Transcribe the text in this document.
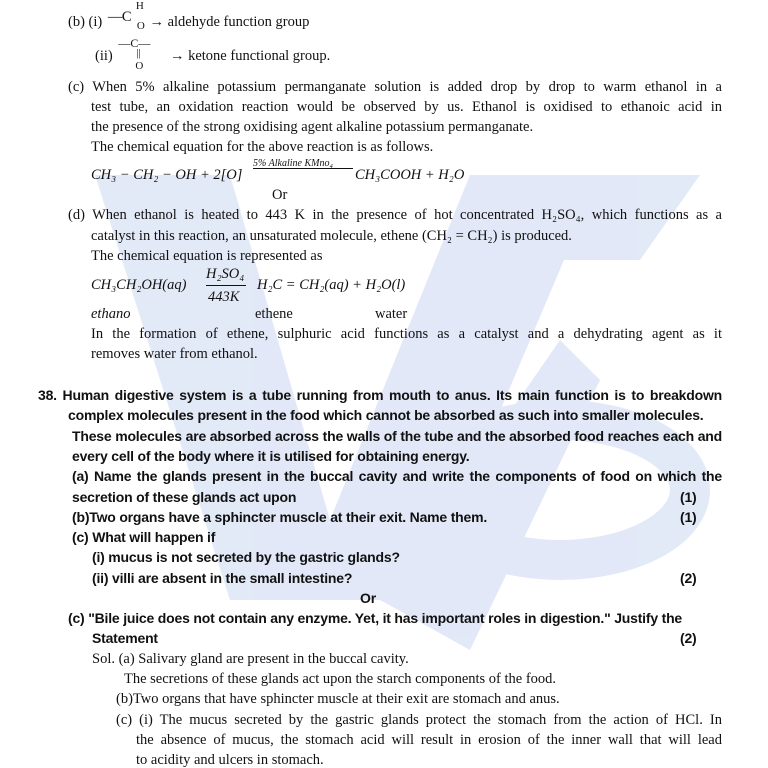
(b) (i) — C
H
O → aldehyde function group
(ii)
—C—
||
O
→ ketone functional group.
(c) When 5% alkaline potassium permanganate solution is added drop by drop to warm ethanol in a
test tube, an oxidation reaction would be observed by us. Ethanol is oxidised to ethanoic acid in
the presence of the strong oxidising agent alkaline potassium permanganate.
The chemical equation for the above reaction is as follows.
CH₃ − CH₂ − OH + 2[O]
5% Alkaline KMno₄
CH₃COOH + H₂O
Or
(d) When ethanol is heated to 443 K in the presence of hot concentrated H₂SO₄, which functions as a
catalyst in this reaction, an unsaturated molecule, ethene (CH₂ = CH₂) is produced.
The chemical equation is represented as
CH₃CH₂OH(aq)
H₂SO₄
443K
H₂C = CH₂(aq) + H₂O(l)
ethano	ethene	water
In the formation of ethene, sulphuric acid functions as a catalyst and a dehydrating agent as it
removes water from ethanol.
38. Human digestive system is a tube running from mouth to anus. Its main function is to breakdown
complex molecules present in the food which cannot be absorbed as such into smaller molecules.
These molecules are absorbed across the walls of the tube and the absorbed food reaches each and
every cell of the body where it is utilised for obtaining energy.
(a) Name the glands present in the buccal cavity and write the components of food on which the
secretion of these glands act upon	(1)
(b)Two organs have a sphincter muscle at their exit. Name them.	(1)
(c) What will happen if
(i) mucus is not secreted by the gastric glands?
(ii) villi are absent in the small intestine?	(2)
Or
(c) "Bile juice does not contain any enzyme. Yet, it has important roles in digestion." Justify the
Statement	(2)
Sol. (a) Salivary gland are present in the buccal cavity.
The secretions of these glands act upon the starch components of the food.
(b)Two organs that have sphincter muscle at their exit are stomach and anus.
(c) (i) The mucus secreted by the gastric glands protect the stomach from the action of HCl. In
the absence of mucus, the stomach acid will result in erosion of the inner wall that will lead
to acidity and ulcers in stomach.
